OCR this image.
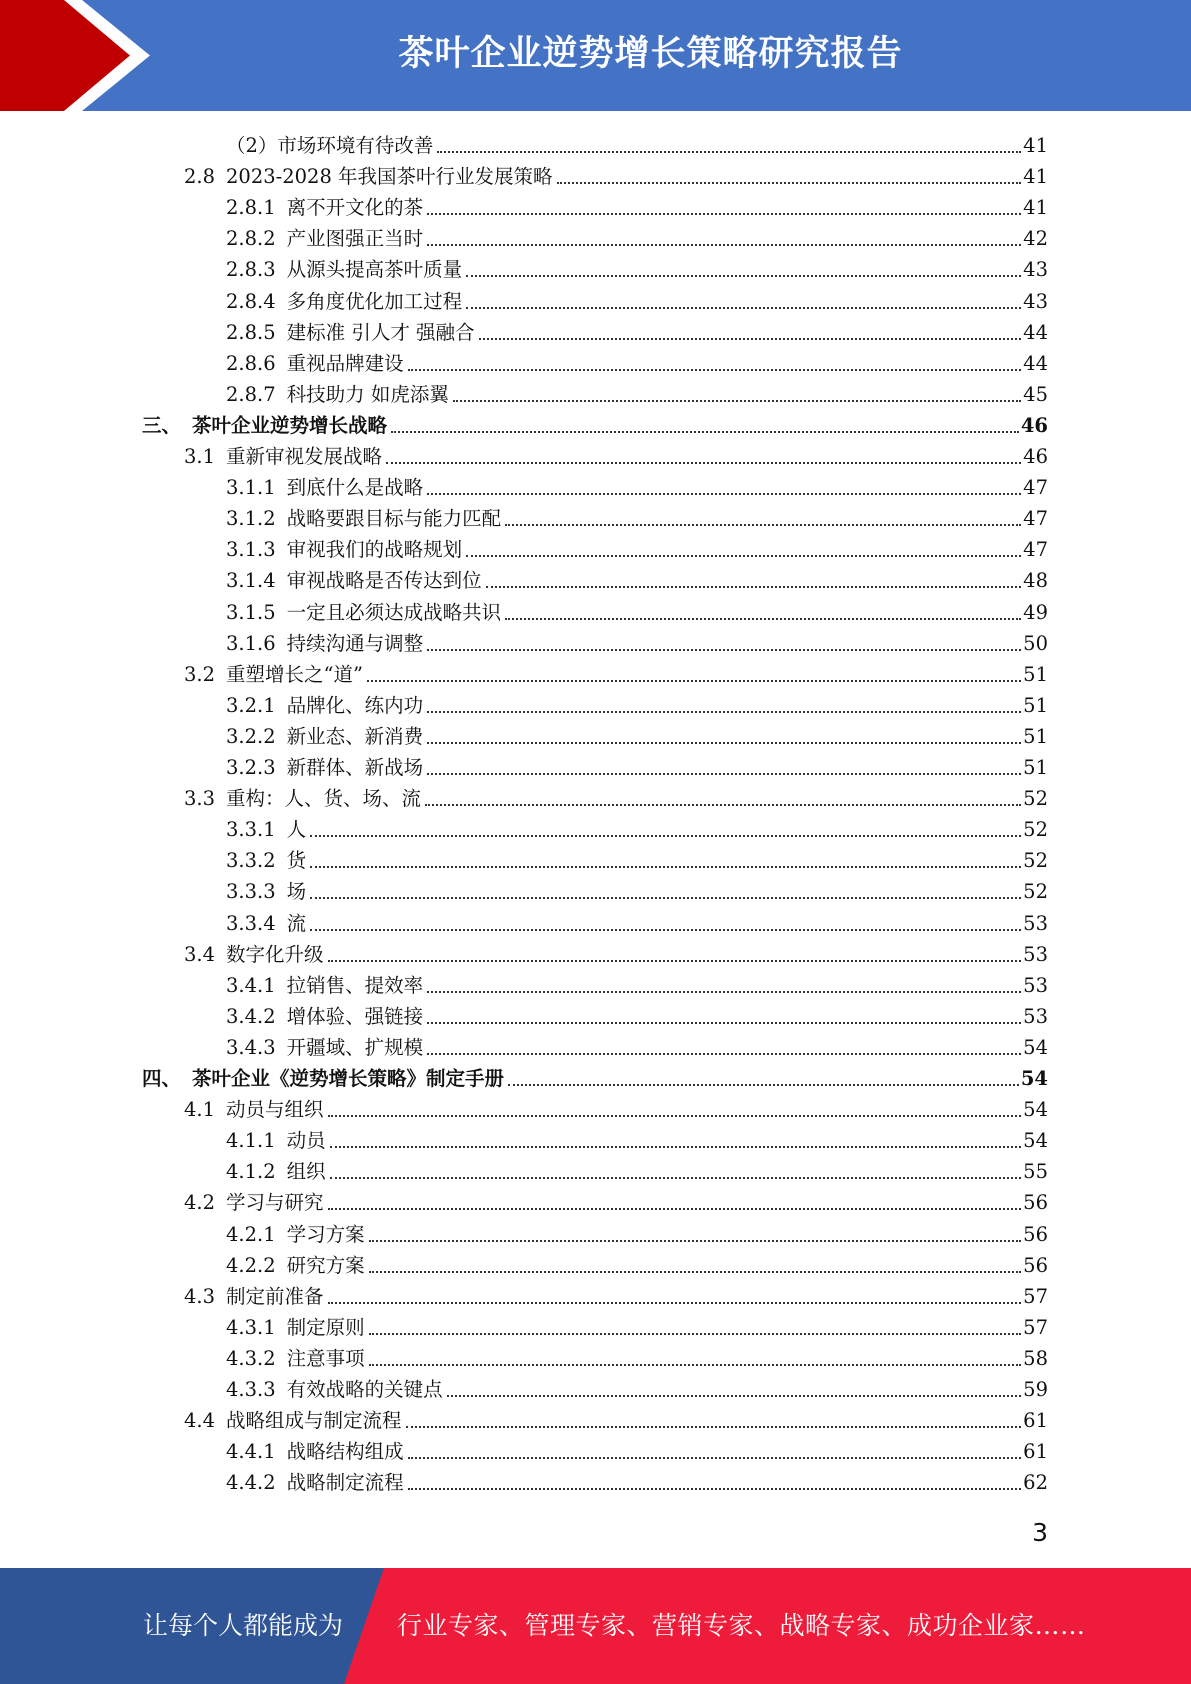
茶叶企业逆势增长策略研究报告
（2） 市场环境有待改善	41
2.8 2023-2028 年我国茶叶行业发展策略	41
2.8.1 离不开文化的茶	41
2.8.2 产业图强正当时	42
2.8.3 从源头提高茶叶质量	43
2.8.4 多角度优化加工过程	43
2.8.5 建标准 引人才 强融合	44
2.8.6 重视品牌建设	44
2.8.7 科技助力 如虎添翼	45
三、 茶叶企业逆势增长战略	46
3.1 重新审视发展战略	46
3.1.1 到底什么是战略	47
3.1.2 战略要跟目标与能力匹配	47
3.1.3 审视我们的战略规划	47
3.1.4 审视战略是否传达到位	48
3.1.5 一定且必须达成战略共识	49
3.1.6 持续沟通与调整	50
3.2 重塑增长之“道”	51
3.2.1 品牌化、练内功	51
3.2.2 新业态、新消费	51
3.2.3 新群体、新战场	51
3.3 重构：人、货、场、流	52
3.3.1 人	52
3.3.2 货	52
3.3.3 场	52
3.3.4 流	53
3.4 数字化升级	53
3.4.1 拉销售、提效率	53
3.4.2 增体验、强链接	53
3.4.3 开疆域、扩规模	54
四、 茶叶企业《逆势增长策略》制定手册	54
4.1 动员与组织	54
4.1.1 动员	54
4.1.2 组织	55
4.2 学习与研究	56
4.2.1 学习方案	56
4.2.2 研究方案	56
4.3 制定前准备	57
4.3.1 制定原则	57
4.3.2 注意事项	58
4.3.3 有效战略的关键点	59
4.4 战略组成与制定流程	61
4.4.1 战略结构组成	61
4.4.2 战略制定流程	62
3
让每个人都能成为 行业专家、管理专家、营销专家、战略专家、成功企业家……
